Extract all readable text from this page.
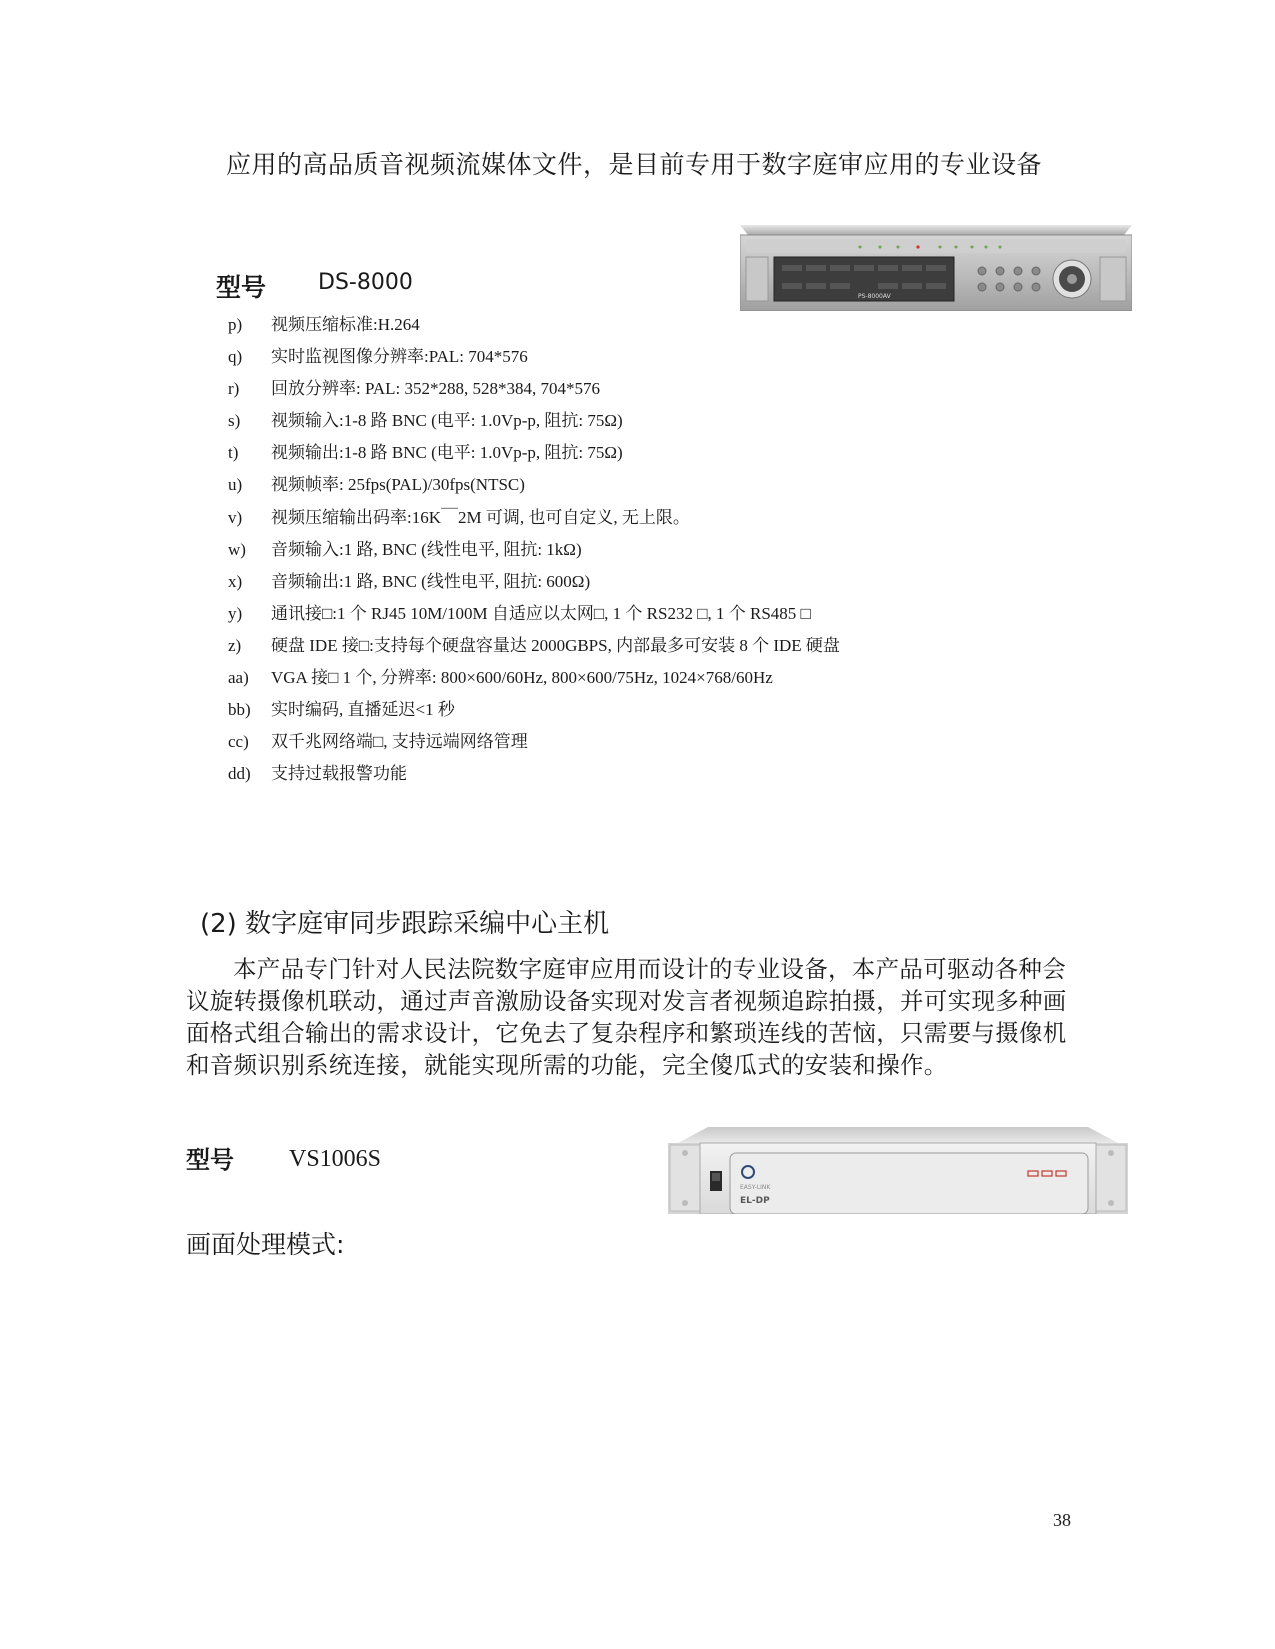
应用的高品质音视频流媒体文件，是目前专用于数字庭审应用的专业设备
PS-8000AV
型号 DS-8000
p) 视频压缩标准:H.264
q) 实时监视图像分辨率:PAL: 704*576
r) 回放分辨率: PAL: 352*288, 528*384, 704*576
s) 视频输入:1-8 路 BNC (电平: 1.0Vp-p, 阻抗: 75Ω)
t) 视频输出:1-8 路 BNC (电平: 1.0Vp-p, 阻抗: 75Ω)
u) 视频帧率: 25fps(PAL)/30fps(NTSC)
v) 视频压缩输出码率:16K￣2M 可调, 也可自定义, 无上限。
w) 音频输入:1 路, BNC (线性电平, 阻抗: 1kΩ)
x) 音频输出:1 路, BNC (线性电平, 阻抗: 600Ω)
y) 通讯接□:1 个 RJ45 10M/100M 自适应以太网□, 1 个 RS232 □, 1 个 RS485 □
z) 硬盘 IDE 接□:支持每个硬盘容量达 2000GBPS, 内部最多可安装 8 个 IDE 硬盘
aa) VGA 接□ 1 个, 分辨率: 800×600/60Hz, 800×600/75Hz, 1024×768/60Hz
bb) 实时编码, 直播延迟<1 秒
cc) 双千兆网络端□, 支持远端网络管理
dd) 支持过载报警功能
(2) 数字庭审同步跟踪采编中心主机

本产品专门针对人民法院数字庭审应用而设计的专业设备，本产品可驱动各种会议旋转摄像机联动，通过声音激励设备实现对发言者视频追踪拍摄，并可实现多种画面格式组合输出的需求设计，它免去了复杂程序和繁琐连线的苦恼，只需要与摄像机和音频识别系统连接，就能实现所需的功能，完全傻瓜式的安装和操作。

EASY-LINK
EL-DP
型号 VS1006S
画面处理模式:
38
